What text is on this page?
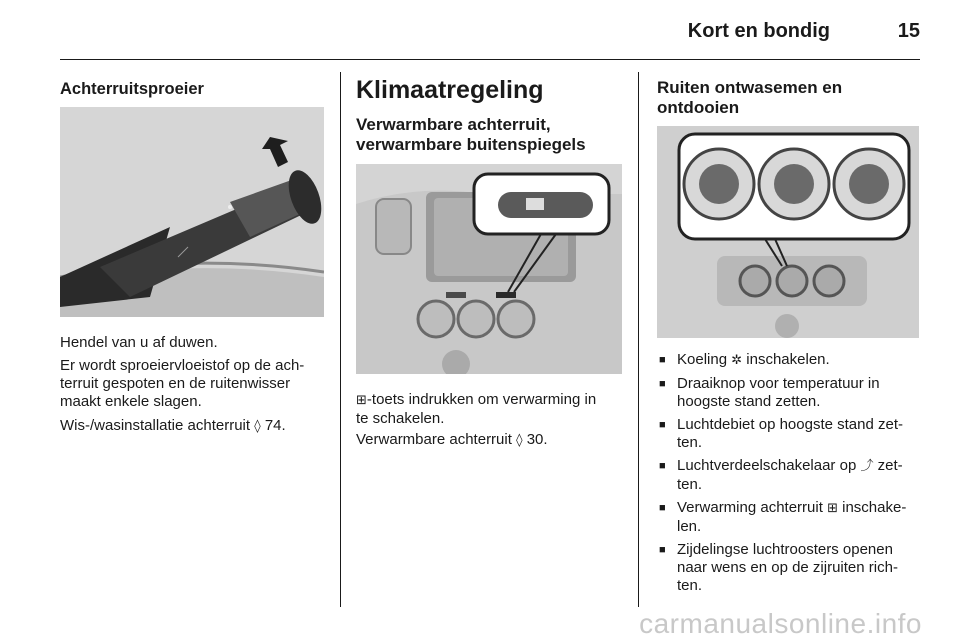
Kort en bondig	15
Achterruitsproeier
Hendel van u af duwen.
Er wordt sproeiervloeistof op de ach-
terruit gespoten en de ruitenwisser
maakt enkele slagen.
Wis-/wasinstallatie achterruit ◊ 74.
Klimaatregeling
Verwarmbare achterruit,
verwarmbare buitenspiegels
⊞-toets indrukken om verwarming in
te schakelen.
Verwarmbare achterruit ◊ 30.
Ruiten ontwasemen en
ontdooien
■ Koeling ✲ inschakelen.
■ Draaiknop voor temperatuur in
hoogste stand zetten.
■ Luchtdebiet op hoogste stand zet-
ten.
■ Luchtverdeelschakelaar op ⤴ zet-
ten.
■ Verwarming achterruit ⊞ inschake-
len.
■ Zijdelingse luchtroosters openen
naar wens en op de zijruiten rich-
ten.
carmanualsonline.info
